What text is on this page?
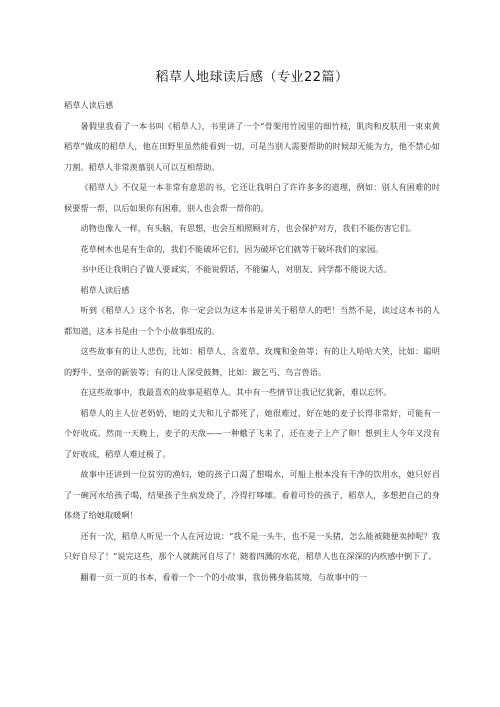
稻草人地球读后感（专业22篇）

稻草人读后感

暑假里我看了一本书叫《稻草人》，书里讲了一个“骨架用竹园里的细竹枝，肌肉和皮肤用一束束黄稻草”做成的稻草人，他在田野里虽然能看到一切，可是当别人需要帮助的时候却无能为力，他不禁心如刀割。稻草人非常羡慕别人可以互相帮助。

《稻草人》不仅是一本非常有意思的书，它还让我明白了许许多多的道理，例如：别人有困难的时候要帮一帮，以后如果你有困难，别人也会帮一帮你的。

动物也像人一样，有头脑，有思想，也会互相照顾对方，也会保护对方，我们不能伤害它们。

花草树木也是有生命的，我们不能破坏它们，因为破坏它们就等于破坏我们的家园。

书中还让我明白了做人要诚实，不能说假话，不能骗人，对朋友、同学都不能说大话。

稻草人读后感

听到《稻草人》这个书名，你一定会以为这本书是讲关于稻草人的吧！当然不是，读过这本书的人都知道，这本书是由一个个小故事组成的。

这些故事有的让人悲伤，比如：稻草人、含羞草、玫瑰和金鱼等；有的让人哈哈大笑，比如：聪明的野牛、皇帝的新装等；有的让人深受鼓舞，比如：跛乞丐、鸟言兽语。

在这些故事中，我最喜欢的故事是稻草人。其中有一些情节让我记忆犹新，难以忘怀。

稻草人的主人位老奶奶，她的丈夫和儿子都死了，她很难过，好在她的麦子长得非常好，可能有一个好收成。然而一天晚上，麦子的天敌——一种蛾子飞来了，还在麦子上产了卵！想到主人今年又没有了好收成，稻草人难过极了。

故事中还讲到一位贫穷的渔妇，她的孩子口渴了想喝水，可船上根本没有干净的饮用水，她只好舀了一碗河水给孩子喝，结果孩子生病发烧了，冷得打哆嗦。看着可怜的孩子，稻草人，多想把自己的身体烧了给她取暖啊！

还有一次，稻草人听见一个人在河边说：“我不是一头牛，也不是一头猪，怎么能被随便卖掉呢？我只好自尽了！”说完这些，那个人就跳河自尽了！随着四溅的水花，稻草人也在深深的内疚感中倒下了。

翻着一页一页的书本，看着一个一个的小故事，我仿佛身临其境，与故事中的一
